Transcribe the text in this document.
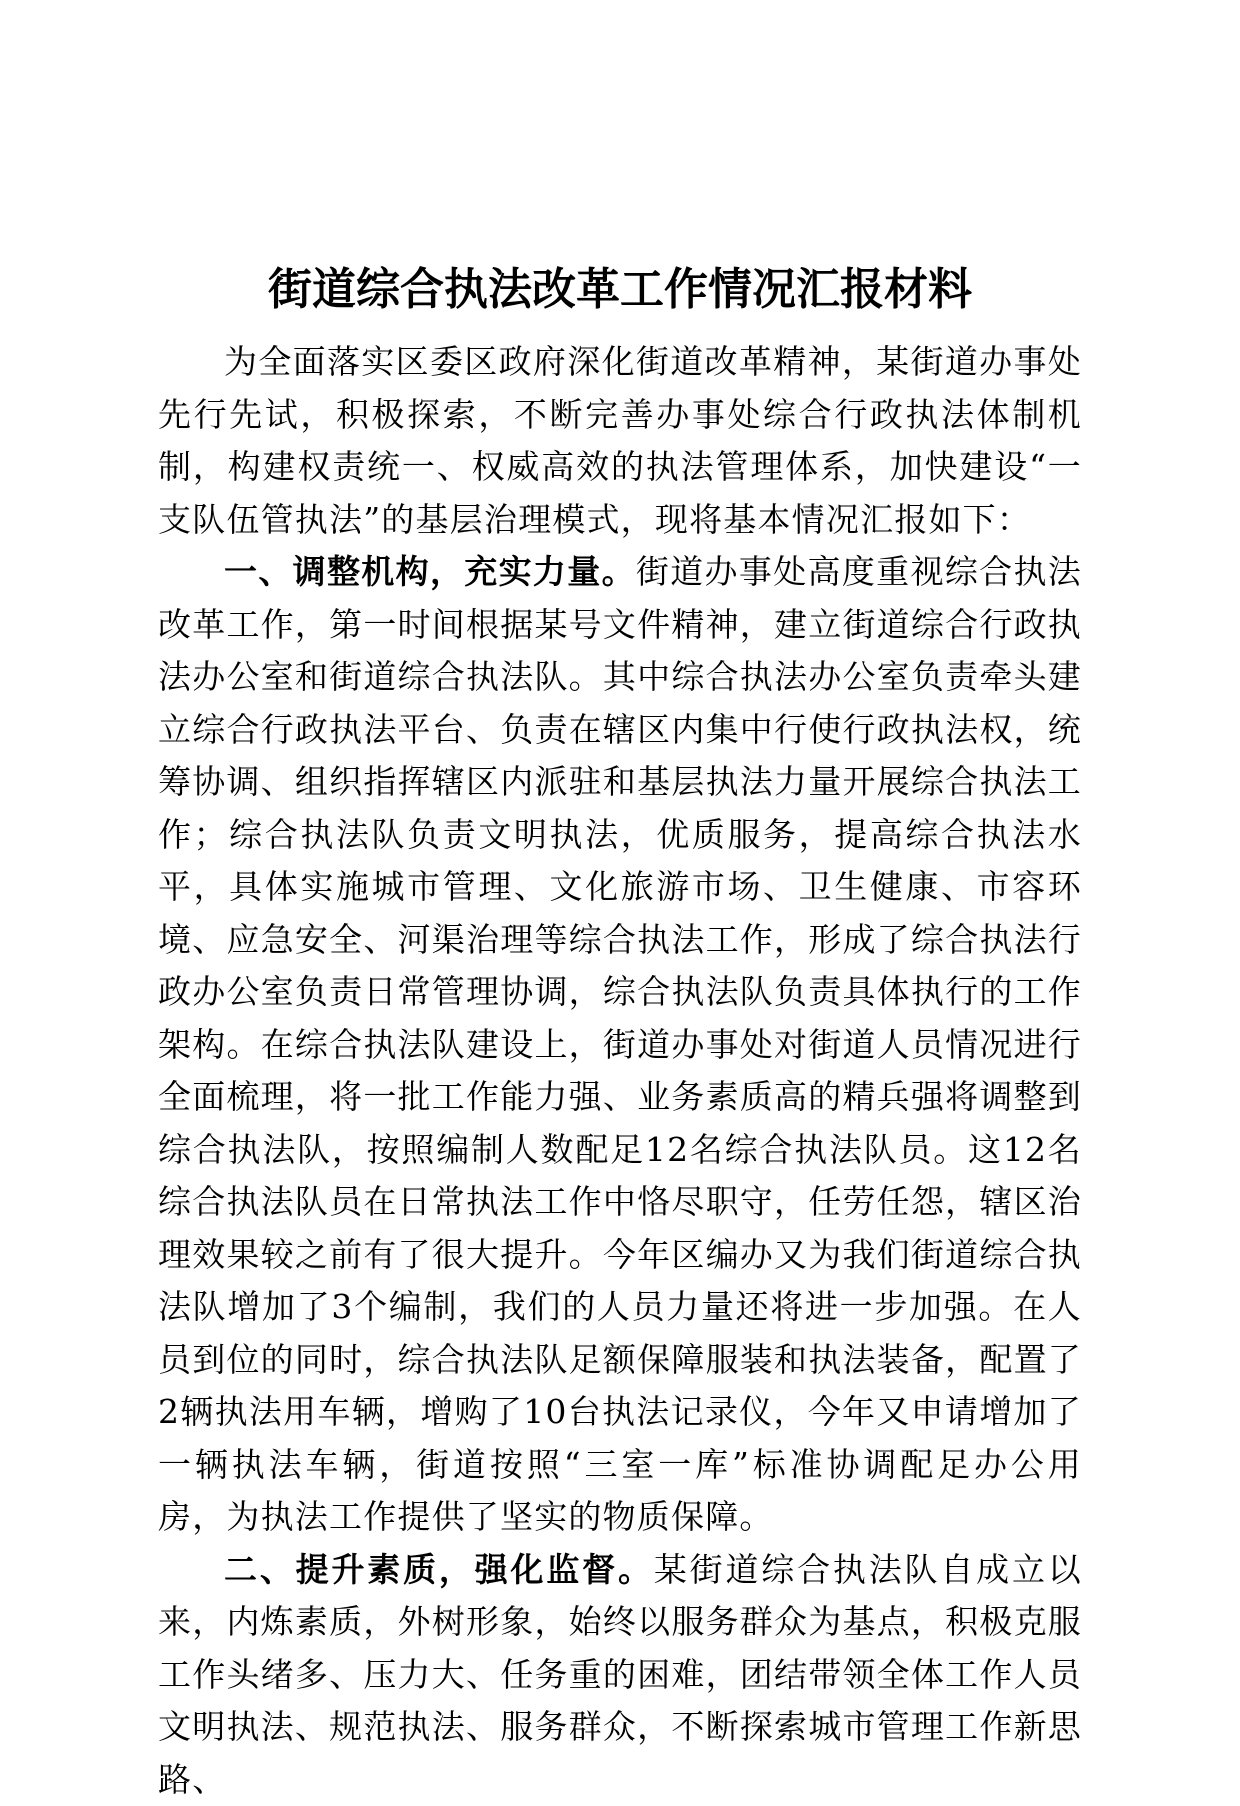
街道综合执法改革工作情况汇报材料

为全面落实区委区政府深化街道改革精神，某街道办事处先行先试，积极探索，不断完善办事处综合行政执法体制机制，构建权责统一、权威高效的执法管理体系，加快建设“一支队伍管执法”的基层治理模式，现将基本情况汇报如下：

一、调整机构，充实力量。街道办事处高度重视综合执法改革工作，第一时间根据某号文件精神，建立街道综合行政执法办公室和街道综合执法队。其中综合执法办公室负责牵头建立综合行政执法平台、负责在辖区内集中行使行政执法权，统筹协调、组织指挥辖区内派驻和基层执法力量开展综合执法工作；综合执法队负责文明执法，优质服务，提高综合执法水平，具体实施城市管理、文化旅游市场、卫生健康、市容环境、应急安全、河渠治理等综合执法工作，形成了综合执法行政办公室负责日常管理协调，综合执法队负责具体执行的工作架构。在综合执法队建设上，街道办事处对街道人员情况进行全面梳理，将一批工作能力强、业务素质高的精兵强将调整到综合执法队，按照编制人数配足12名综合执法队员。这12名综合执法队员在日常执法工作中恪尽职守，任劳任怨，辖区治理效果较之前有了很大提升。今年区编办又为我们街道综合执法队增加了3个编制，我们的人员力量还将进一步加强。在人员到位的同时，综合执法队足额保障服装和执法装备，配置了2辆执法用车辆，增购了10台执法记录仪，今年又申请增加了一辆执法车辆，街道按照“三室一库”标准协调配足办公用房，为执法工作提供了坚实的物质保障。

二、提升素质，强化监督。某街道综合执法队自成立以来，内炼素质，外树形象，始终以服务群众为基点，积极克服工作头绪多、压力大、任务重的困难，团结带领全体工作人员文明执法、规范执法、服务群众，不断探索城市管理工作新思路、
